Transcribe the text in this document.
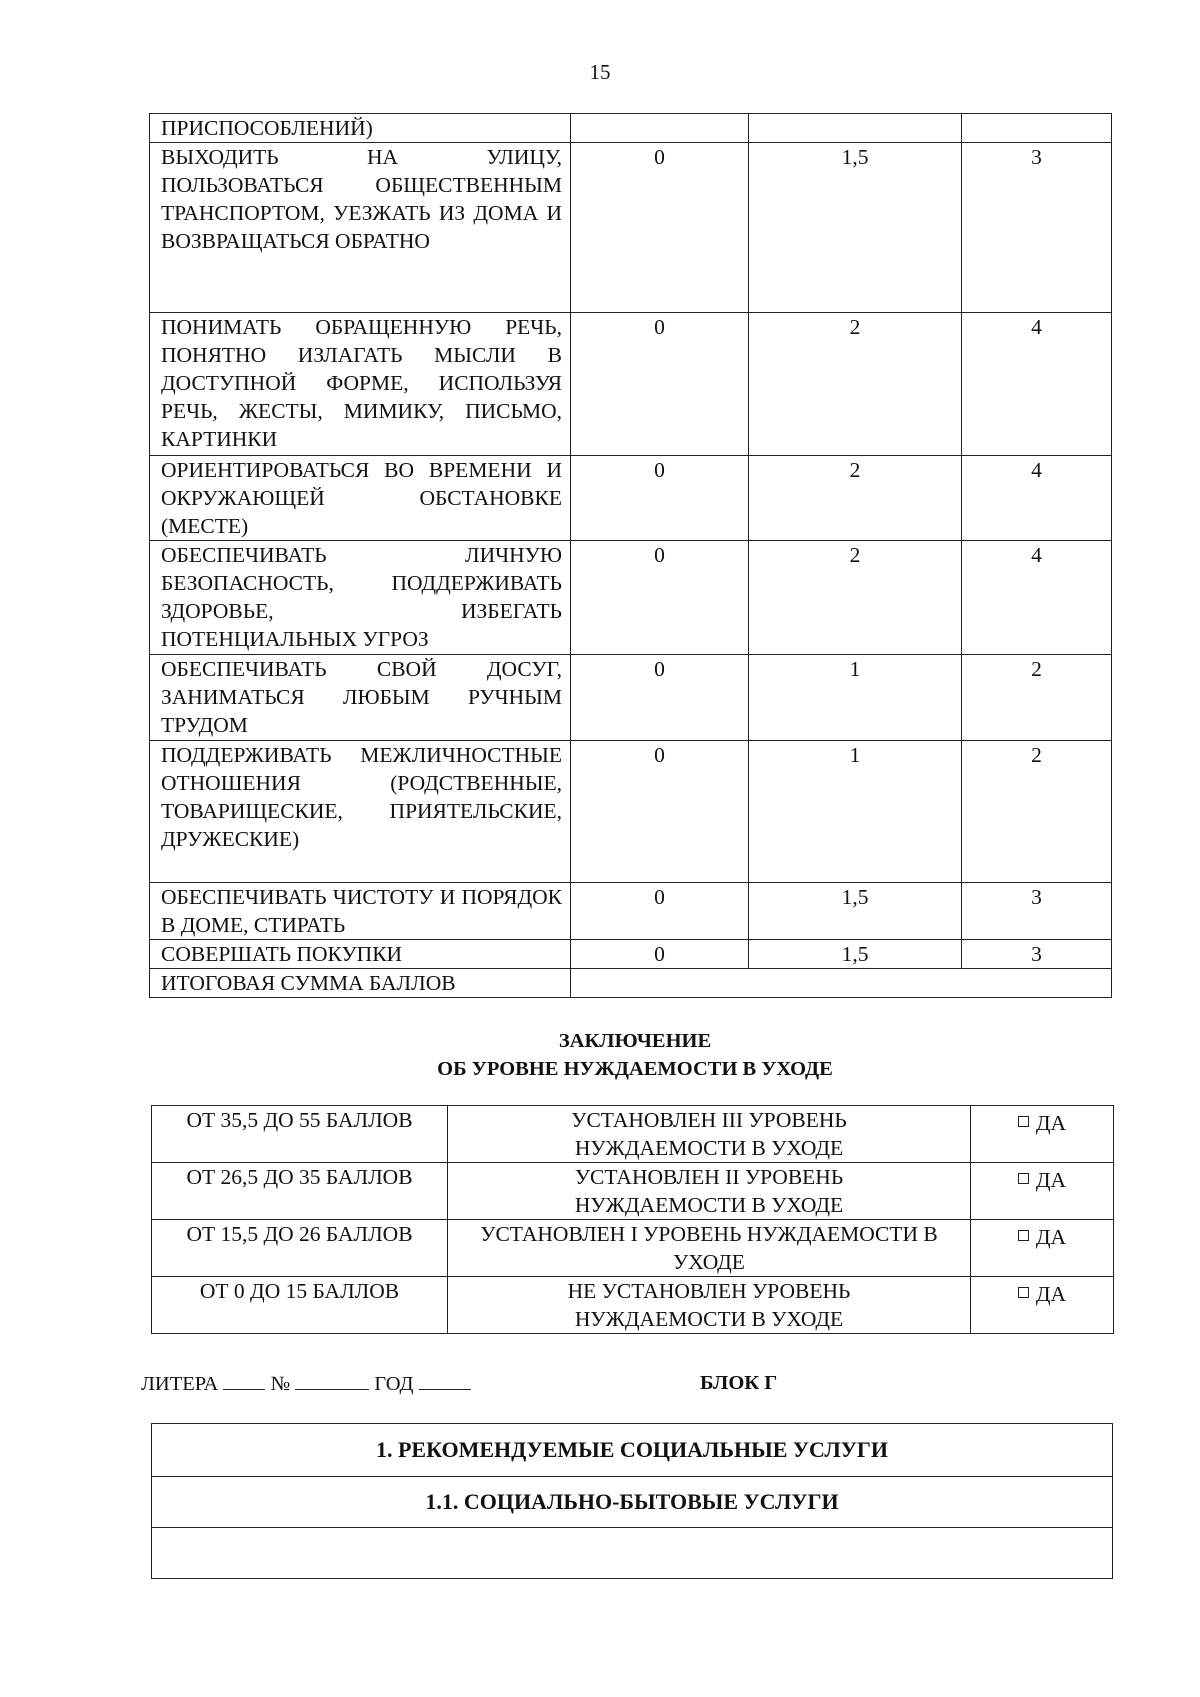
15
ПРИСПОСОБЛЕНИЙ)			
ВЫХОДИТЬ НА УЛИЦУ, ПОЛЬЗОВАТЬСЯ ОБЩЕСТВЕННЫМ ТРАНСПОРТОМ, УЕЗЖАТЬ ИЗ ДОМА И ВОЗВРАЩАТЬСЯ ОБРАТНО	0	1,5	3
ПОНИМАТЬ ОБРАЩЕННУЮ РЕЧЬ, ПОНЯТНО ИЗЛАГАТЬ МЫСЛИ В ДОСТУПНОЙ ФОРМЕ, ИСПОЛЬЗУЯ РЕЧЬ, ЖЕСТЫ, МИМИКУ, ПИСЬМО, КАРТИНКИ	0	2	4
ОРИЕНТИРОВАТЬСЯ ВО ВРЕМЕНИ И ОКРУЖАЮЩЕЙ ОБСТАНОВКЕ (МЕСТЕ)	0	2	4
ОБЕСПЕЧИВАТЬ ЛИЧНУЮ БЕЗОПАСНОСТЬ, ПОДДЕРЖИВАТЬ ЗДОРОВЬЕ, ИЗБЕГАТЬ ПОТЕНЦИАЛЬНЫХ УГРОЗ	0	2	4
ОБЕСПЕЧИВАТЬ СВОЙ ДОСУГ, ЗАНИМАТЬСЯ ЛЮБЫМ РУЧНЫМ ТРУДОМ	0	1	2
ПОДДЕРЖИВАТЬ МЕЖЛИЧНОСТНЫЕ ОТНОШЕНИЯ (РОДСТВЕННЫЕ, ТОВАРИЩЕСКИЕ, ПРИЯТЕЛЬСКИЕ, ДРУЖЕСКИЕ)	0	1	2
ОБЕСПЕЧИВАТЬ ЧИСТОТУ И ПОРЯДОК В ДОМЕ, СТИРАТЬ	0	1,5	3
СОВЕРШАТЬ ПОКУПКИ	0	1,5	3
ИТОГОВАЯ СУММА БАЛЛОВ			
ЗАКЛЮЧЕНИЕ
ОБ УРОВНЕ НУЖДАЕМОСТИ В УХОДЕ
ОТ 35,5 ДО 55 БАЛЛОВ	УСТАНОВЛЕН III УРОВЕНЬ НУЖДАЕМОСТИ В УХОДЕ	ДА
ОТ 26,5 ДО 35 БАЛЛОВ	УСТАНОВЛЕН II УРОВЕНЬ НУЖДАЕМОСТИ В УХОДЕ	ДА
ОТ 15,5 ДО 26 БАЛЛОВ	УСТАНОВЛЕН I УРОВЕНЬ НУЖДАЕМОСТИ В УХОДЕ	ДА
ОТ 0 ДО 15 БАЛЛОВ	НЕ УСТАНОВЛЕН УРОВЕНЬ НУЖДАЕМОСТИ В УХОДЕ	ДА
ЛИТЕРА	№	ГОД	БЛОК Г
1. РЕКОМЕНДУЕМЫЕ СОЦИАЛЬНЫЕ УСЛУГИ
1.1. СОЦИАЛЬНО-БЫТОВЫЕ УСЛУГИ
